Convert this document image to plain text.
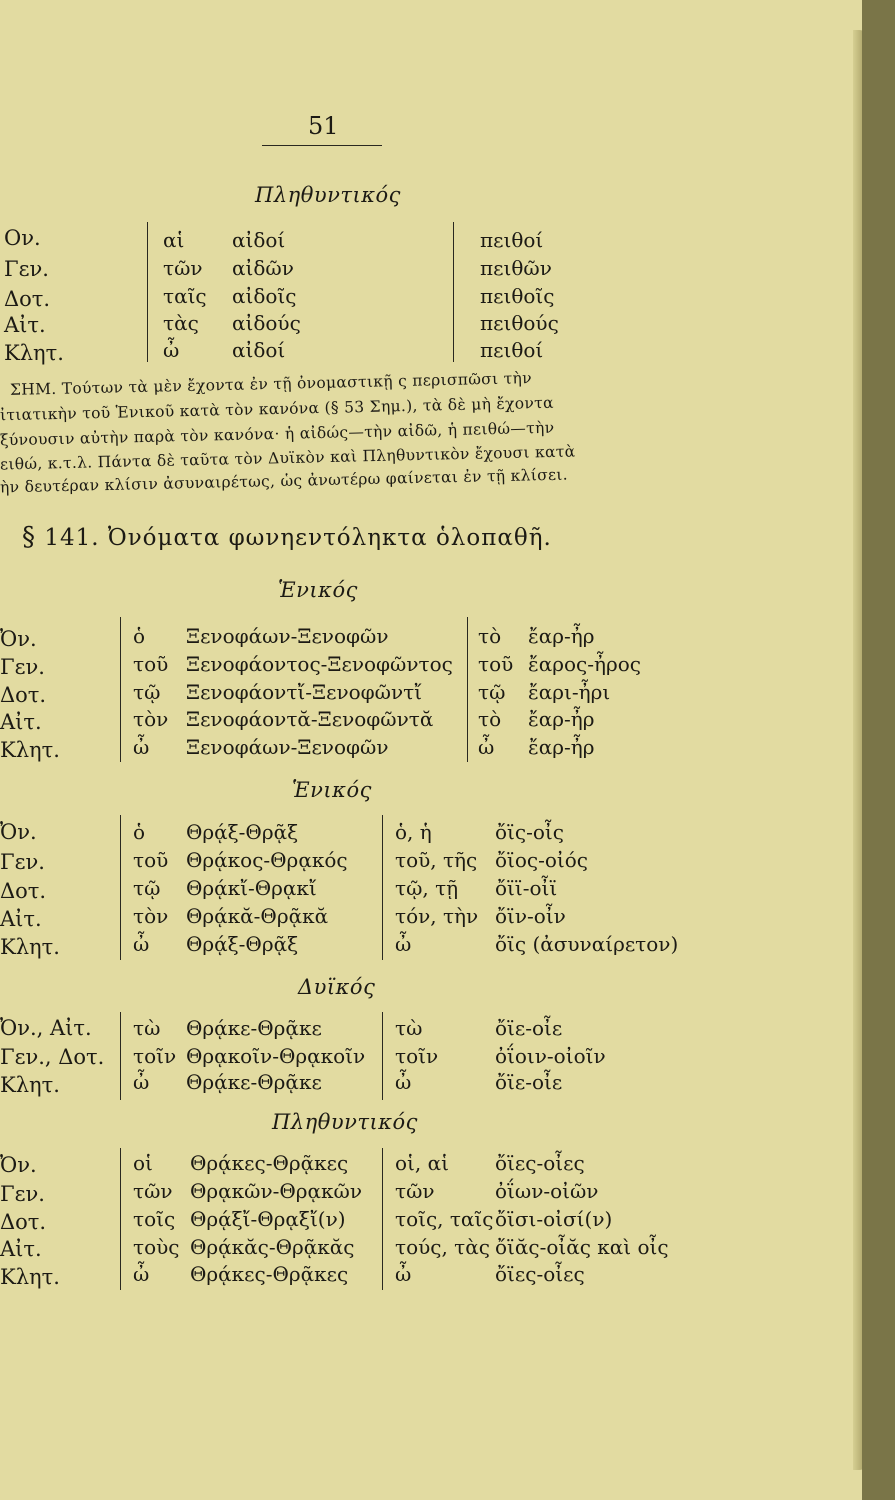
51
Πληθυντικός
Ον.
Γεν.
Δοτ.
Αἰτ.
Κλητ.
αἱ
τῶν
ταῖς
τὰς
ὦ
αἰδοί
αἰδῶν
αἰδοῖς
αἰδούς
αἰδοί
πειθοί
πειθῶν
πειθοῖς
πειθούς
πειθοί
ΣΗΜ. Τούτων τὰ μὲν ἔχοντα ἐν τῇ ὀνομαστικῇ ς περισπῶσι τὴν
ἰτιατικὴν τοῦ Ἑνικοῦ κατὰ τὸν κανόνα (§ 53 Σημ.), τὰ δὲ μὴ ἔχοντα
ξύνουσιν αὐτὴν παρὰ τὸν κανόνα· ἡ αἰδώς—τὴν αἰδῶ, ἡ πειθώ—τὴν
ειθώ, κ.τ.λ. Πάντα δὲ ταῦτα τὸν Δυϊκὸν καὶ Πληθυντικὸν ἔχουσι κατὰ
ὴν δευτέραν κλίσιν ἀσυναιρέτως, ὡς ἀνωτέρω φαίνεται ἐν τῇ κλίσει.
§ 141. Ὀνόματα φωνηεντόληκτα ὁλοπαθῆ.
Ἑνικός
Ὀν.
Γεν.
Δοτ.
Αἰτ.
Κλητ.
ὁ
τοῦ
τῷ
τὸν
ὦ
Ξενοφάων-Ξενοφῶν
Ξενοφάοντος-Ξενοφῶντος
Ξενοφάοντἴ-Ξενοφῶντἴ
Ξενοφάοντᾰ-Ξενοφῶντᾰ
Ξενοφάων-Ξενοφῶν
τὸ
τοῦ
τῷ
τὸ
ὦ
ἔαρ-ἦρ
ἔαρος-ἦρος
ἔαρι-ἦρι
ἔαρ-ἦρ
ἔαρ-ἦρ
Ἑνικός
Ὀν.
Γεν.
Δοτ.
Αἰτ.
Κλητ.
ὁ
τοῦ
τῷ
τὸν
ὦ
Θρᾴξ-Θρᾷξ
Θρᾴκος-Θρᾳκός
Θρᾴκἴ-Θρᾳκἴ
Θρᾴκᾰ-Θρᾷκᾰ
Θρᾴξ-Θρᾷξ
ὁ, ἡ
τοῦ, τῆς
τῷ, τῇ
τόν, τὴν
ὦ
ὄϊς-οἶς
ὄϊος-οἰός
ὄϊϊ-οἶϊ
ὄϊν-οἶν
ὄϊς (ἀσυναίρετον)
Δυϊκός
Ὀν., Αἰτ.
Γεν., Δοτ.
Κλητ.
τὼ
τοῖν
ὦ
Θρᾴκε-Θρᾷκε
Θρᾳκοῖν-Θρᾳκοῖν
Θρᾴκε-Θρᾷκε
τὼ
τοῖν
ὦ
ὄϊε-οἶε
ὀΐοιν-οἰοῖν
ὄϊε-οἶε
Πληθυντικός
Ὀν.
Γεν.
Δοτ.
Αἰτ.
Κλητ.
οἱ
τῶν
τοῖς
τοὺς
ὦ
Θρᾴκες-Θρᾷκες
Θρᾳκῶν-Θρᾳκῶν
Θρᾴξἴ-Θρᾳξἴ(ν)
Θρᾴκᾰς-Θρᾷκᾰς
Θρᾴκες-Θρᾷκες
οἱ, αἱ
τῶν
τοῖς, ταῖς
τούς, τὰς
ὦ
ὄϊες-οἶες
ὀΐων-οἰῶν
ὄϊσι-οἰσί(ν)
ὄϊᾰς-οἶᾰς καὶ οἶς
ὄϊες-οἶες
